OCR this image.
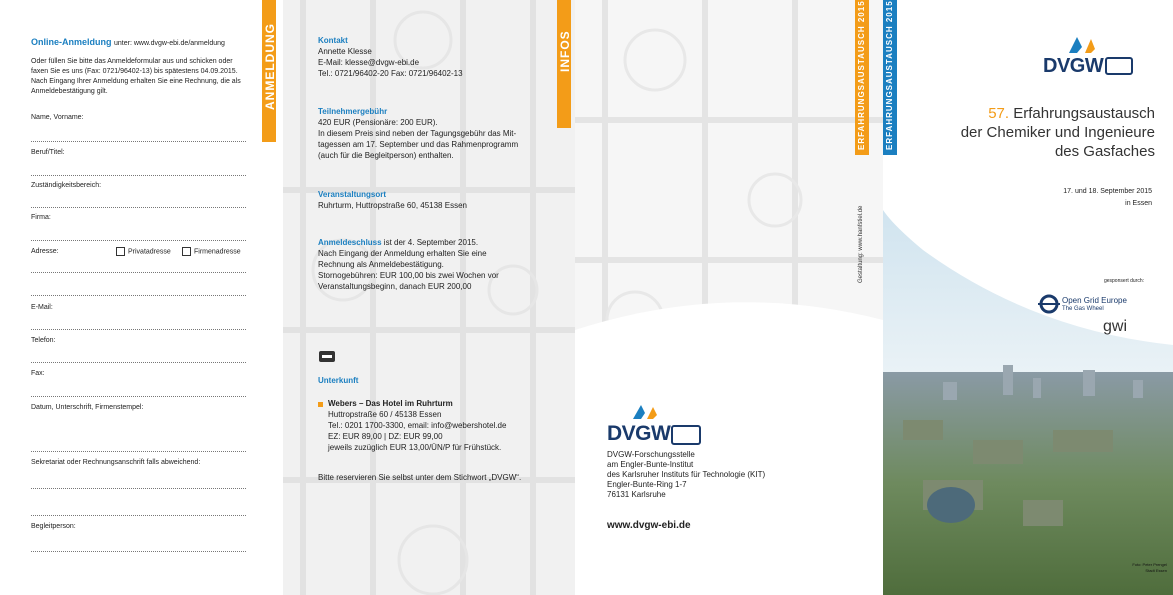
Online-Anmeldung unter: www.dvgw-ebi.de/anmeldung
Oder füllen Sie bitte das Anmeldeformular aus und schicken oder faxen Sie es uns (Fax: 0721/96402-13) bis spätestens 04.09.2015. Nach Eingang Ihrer Anmeldung erhalten Sie eine Rechnung, die als Anmeldebestätigung gilt.
Name, Vorname:
Beruf/Titel:
Zuständigkeitsbereich:
Firma:
Adresse:	Privatadresse	Firmenadresse
E-Mail:
Telefon:
Fax:
Datum, Unterschrift, Firmenstempel:
Sekretariat oder Rechnungsanschrift falls abweichend:
Begleitperson:
ANMELDUNG	INFOS
Kontakt
Annette Klesse
E-Mail: klesse@dvgw-ebi.de
Tel.: 0721/96402-20 Fax: 0721/96402-13
Teilnehmergebühr
420 EUR (Pensionäre: 200 EUR).
In diesem Preis sind neben der Tagungsgebühr das Mit-
tagessen am 17. September und das Rahmenprogramm
(auch für die Begleitperson) enthalten.
Veranstaltungsort
Ruhrturm, Huttropstraße 60, 45138 Essen
Anmeldeschluss ist der 4. September 2015.
Nach Eingang der Anmeldung erhalten Sie eine
Rechnung als Anmeldebestätigung.
Stornogebühren: EUR 100,00 bis zwei Wochen vor
Veranstaltungsbeginn, danach EUR 200,00
Unterkunft
Webers – Das Hotel im Ruhrturm
Huttropstraße 60 / 45138 Essen
Tel.: 0201 1700-3300, email: info@webershotel.de
EZ: EUR 89,00 | DZ: EUR 99,00
jeweils zuzüglich EUR 13,00/ÜN/P für Frühstück.
Bitte reservieren Sie selbst unter dem Stichwort „DVGW“.
ERFAHRUNGSAUSTAUSCH 2015
Gestaltung: www.hanfstiel.de
DVGW
DVGW-Forschungsstelle
am Engler-Bunte-Institut
des Karlsruher Instituts für Technologie (KIT)
Engler-Bunte-Ring 1-7
76131 Karlsruhe
www.dvgw-ebi.de
ERFAHRUNGSAUSTAUSCH 2015	DVGW
57. Erfahrungsaustausch
der Chemiker und Ingenieure
des Gasfaches
17. und 18. September 2015
in Essen
gesponsert durch:
Open Grid Europe
The Gas Wheel
gwi
Foto: Peter Prengel
Stadt Essen
